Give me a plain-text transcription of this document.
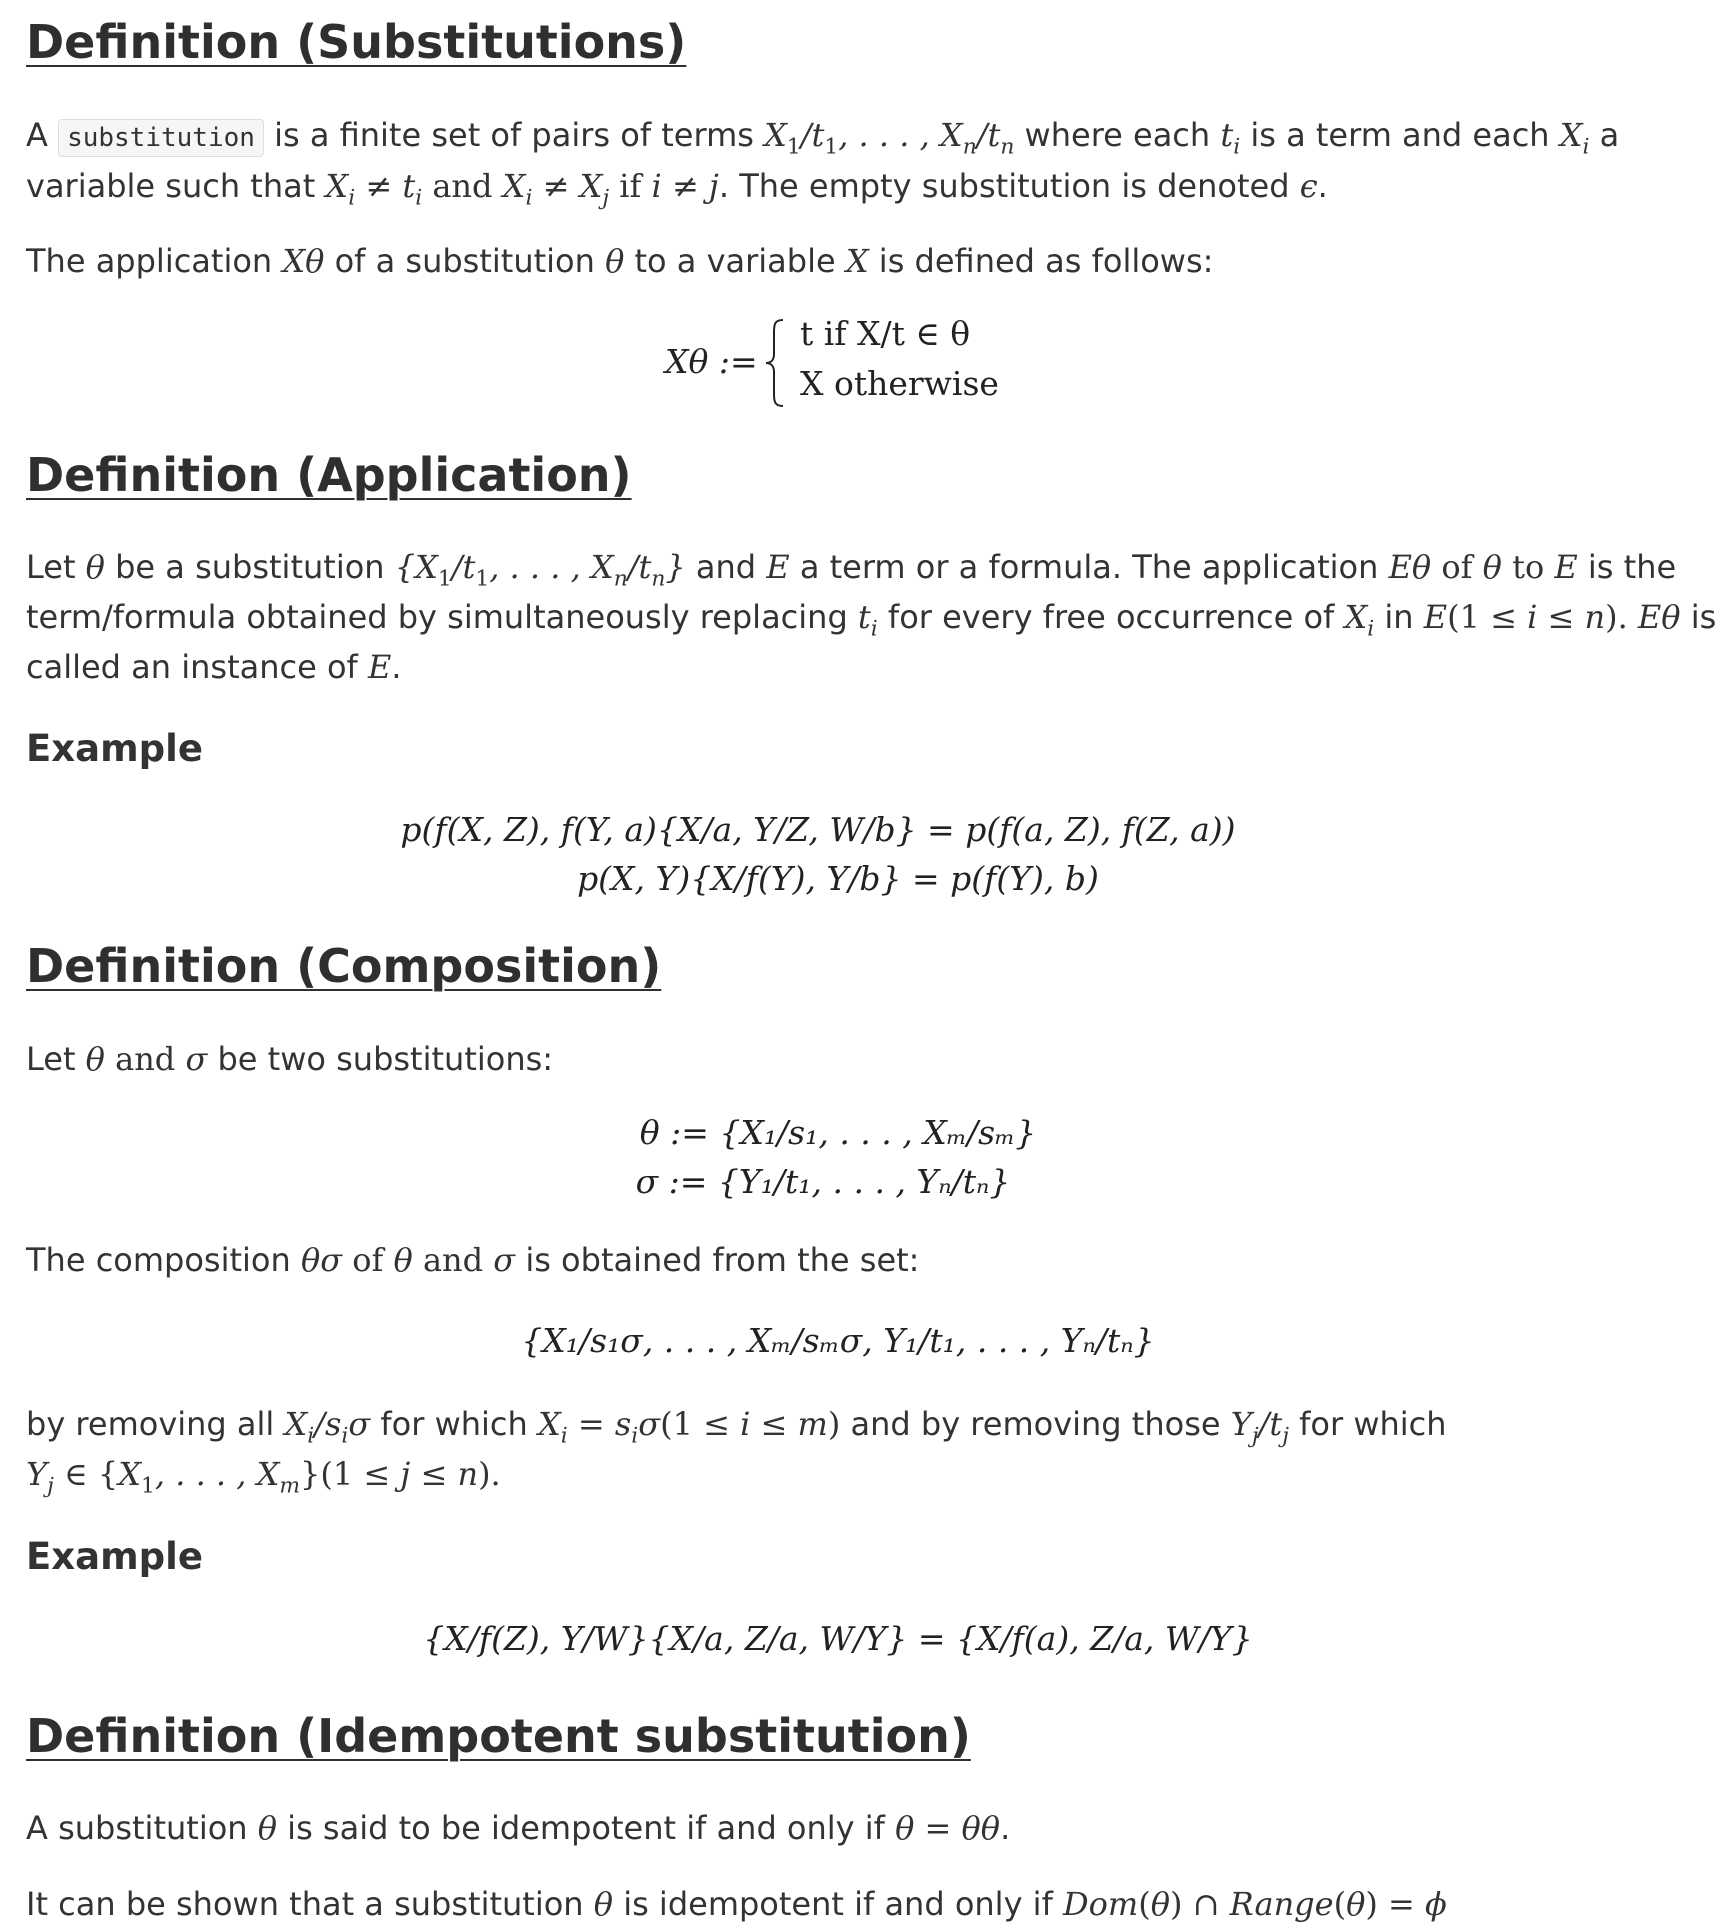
Definition (Substitutions)

A substitution is a finite set of pairs of terms $X_1/t_1$, . . . , $X_n/t_n$ where each $t_i$ is a term and each $X_i$ a

variable such that $X_i \ne t_i$ and $X_i \ne X_j$ if i ≠ j. The empty substitution is denoted ϵ.

The application Xθ of a substitution θ to a variable X is defined as follows:

Xθ :=
t if X/t ∈ θ
X otherwise
Definition (Application)

Let θ be a substitution {$X_1/t_1$, . . . , $X_n/t_n$} and E a term or a formula. The application Eθ of θ to E is the

term/formula obtained by simultaneously replacing $t_i$ for every free occurrence of $X_i$ in E(1 ≤ i ≤ n). Eθ is

called an instance of E.

Example
p(f(X, Z), f(Y, a){X/a, Y/Z, W/b} = p(f(a, Z), f(Z, a))
p(X, Y){X/f(Y), Y/b} = p(f(Y), b)
Definition (Composition)

Let θ and σ be two substitutions:

θ := {X₁/s₁, . . . , Xₘ/sₘ}
σ := {Y₁/t₁, . . . , Yₙ/tₙ}

The composition θσ of θ and σ is obtained from the set:

{X₁/s₁σ, . . . , Xₘ/sₘσ, Y₁/t₁, . . . , Yₙ/tₙ}

by removing all $X_i/s_i\sigma$ for which $X_i = s_i\sigma(1 \le i \le m)$ and by removing those $Y_j/t_j$ for which

$Y_j$ ∈ {$X_1$, . . . , $X_m\}(1 \le j \le n)$.

Example
{X/f(Z), Y/W}{X/a, Z/a, W/Y} = {X/f(a), Z/a, W/Y}
Definition (Idempotent substitution)

A substitution θ is said to be idempotent if and only if θ = θθ.

It can be shown that a substitution θ is idempotent if and only if Dom(θ) ∩ Range(θ) = ϕ
